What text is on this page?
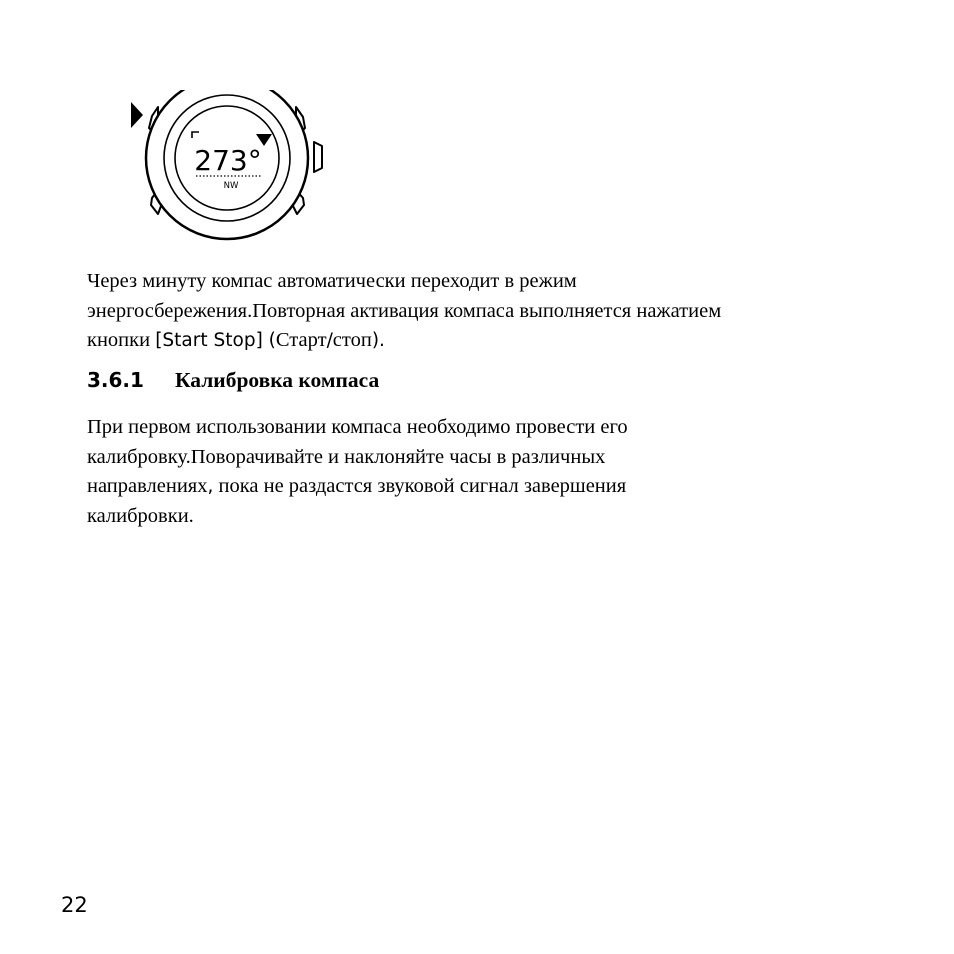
273°
NW

Через минуту компас автоматически переходит в режим
энергосбережения.Повторная активация компаса выполняется нажатием
кнопки [Start Stop] (Старт/стоп).

3.6.1 Калибровка компаса

При первом использовании компаса необходимо провести его
калибровку.Поворачивайте и наклоняйте часы в различных
направлениях, пока не раздастся звуковой сигнал завершения
калибровки.

22
